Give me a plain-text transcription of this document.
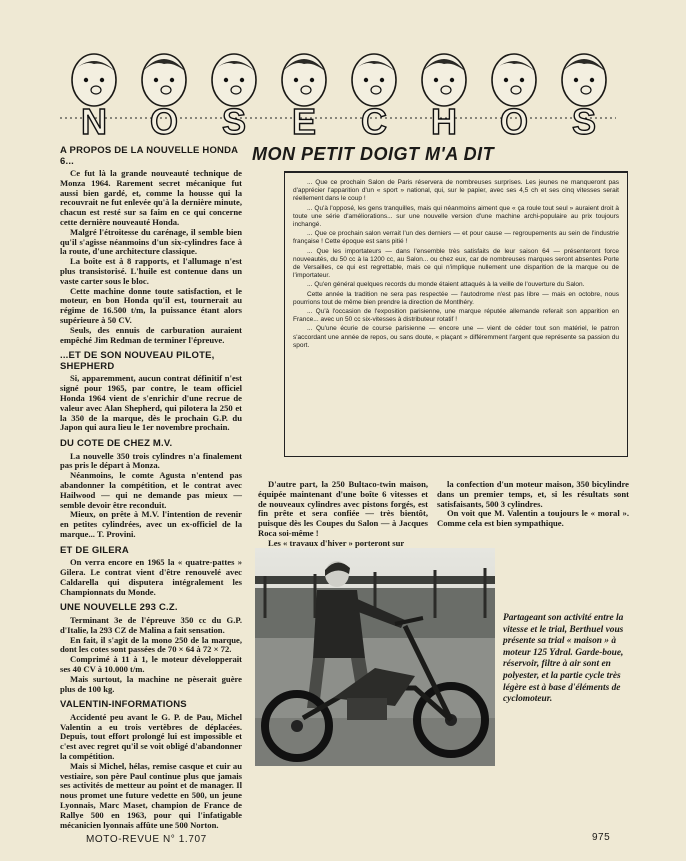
N O S E C H O S
A PROPOS DE LA NOUVELLE HONDA 6...

Ce fut là la grande nouveauté technique de Monza 1964. Rarement secret mécanique fut aussi bien gardé, et, comme la housse qui la recouvrait ne fut enlevée qu'à la dernière minute, chacun est resté sur sa faim en ce qui concerne cette dernière nouveauté Honda.

Malgré l'étroitesse du carénage, il semble bien qu'il s'agisse néanmoins d'un six-cylindres face à la route, d'une architecture classique.

La boîte est à 8 rapports, et l'allumage n'est plus transistorisé. L'huile est contenue dans un vaste carter sous le bloc.

Cette machine donne toute satisfaction, et le moteur, en bon Honda qu'il est, tournerait au régime de 16.500 t/m, la puissance étant alors supérieure à 50 CV.

Seuls, des ennuis de carburation auraient empêché Jim Redman de terminer l'épreuve.

...ET DE SON NOUVEAU PILOTE, SHEPHERD

Si, apparemment, aucun contrat définitif n'est signé pour 1965, par contre, le team officiel Honda 1964 vient de s'enrichir d'une recrue de valeur avec Alan Shepherd, qui pilotera la 250 et la 350 de la marque, dès le prochain G.P. du Japon qui aura lieu le 1er novembre prochain.

DU COTE DE CHEZ M.V.

La nouvelle 350 trois cylindres n'a finalement pas pris le départ à Monza.

Néanmoins, le comte Agusta n'entend pas abandonner la compétition, et le contrat avec Hailwood — qui ne demande pas mieux — semble devoir être reconduit.

Mieux, on prête à M.V. l'intention de revenir en petites cylindrées, avec un ex-officiel de la marque... T. Provini.

ET DE GILERA

On verra encore en 1965 la « quatre-pattes » Gilera. Le contrat vient d'être renouvelé avec Caldarella qui disputera intégralement les Championnats du Monde.

UNE NOUVELLE 293 C.Z.

Terminant 3e de l'épreuve 350 cc du G.P. d'Italie, la 293 CZ de Malina a fait sensation.

En fait, il s'agit de la mono 250 de la marque, dont les cotes sont passées de 70 × 64 à 72 × 72.

Comprimé à 11 à 1, le moteur développerait ses 40 CV à 10.000 t/m.

Mais surtout, la machine ne pèserait guère plus de 100 kg.

VALENTIN-INFORMATIONS

Accidenté peu avant le G. P. de Pau, Michel Valentin a eu trois vertèbres de déplacées. Depuis, tout effort prolongé lui est impossible et c'est avec regret qu'il se voit obligé d'abandonner la compétition.

Mais si Michel, hélas, remise casque et cuir au vestiaire, son père Paul continue plus que jamais ses activités de metteur au point et de manager. Il nous promet une future vedette en 500, un jeune Lyonnais, Marc Maset, champion de France de Rallye 500 en 1963, pour qui l'infatigable mécanicien lyonnais affûte une 500 Norton.

MON PETIT DOIGT M'A DIT

... Que ce prochain Salon de Paris réservera de nombreuses surprises. Les jeunes ne manqueront pas d'apprécier l'apparition d'un « sport » national, qui, sur le papier, avec ses 4,5 ch et ses cinq vitesses serait réellement dans le coup !

... Qu'à l'opposé, les gens tranquilles, mais qui néanmoins aiment que « ça roule tout seul » auraient droit à toute une série d'améliorations... sur une nouvelle version d'une machine archi-populaire au prix toujours inchangé.

... Que ce prochain salon verrait l'un des derniers — et pour cause — regroupements au sein de l'industrie française ! Cette époque est sans pitié !

... Que les importateurs — dans l'ensemble très satisfaits de leur saison 64 — présenteront force nouveautés, du 50 cc à la 1200 cc, au Salon... ou chez eux, car de nombreuses marques seront absentes Porte de Versailles, ce qui est regrettable, mais ce qui n'implique nullement une disparition de la marque ou de l'importateur.

... Qu'en général quelques records du monde étaient attaqués à la veille de l'ouverture du Salon.

Cette année la tradition ne sera pas respectée — l'autodrome n'est pas libre — mais en octobre, nous pourrions tout de même bien prendre la direction de Montlhéry.

... Qu'à l'occasion de l'exposition parisienne, une marque réputée allemande referait son apparition en France... avec un 50 cc six-vitesses à distributeur rotatif !

... Qu'une écurie de course parisienne — encore une — vient de céder tout son matériel, le patron s'accordant une année de repos, ou sans doute, « plaçant » différemment l'argent que représente sa passion du sport.

D'autre part, la 250 Bultaco-twin maison, équipée maintenant d'une boîte 6 vitesses et de nouveaux cylindres avec pistons forgés, est fin prête et sera confiée — très bientôt, puisque dès les Coupes du Salon — à Jacques Roca soi-même !

Les « travaux d'hiver » porteront sur

la confection d'un moteur maison, 350 bicylindre dans un premier temps, et, si les résultats sont satisfaisants, 500 3 cylindres.

On voit que M. Valentin a toujours le « moral ». Comme cela est bien sympathique.

Partageant son activité entre la vitesse et le trial, Berthuel vous présente sa trial « maison » à moteur 125 Ydral. Garde-boue, réservoir, filtre à air sont en polyester, et la partie cycle très légère est à base d'éléments de cyclomoteur.
MOTO-REVUE N° 1.707	975
